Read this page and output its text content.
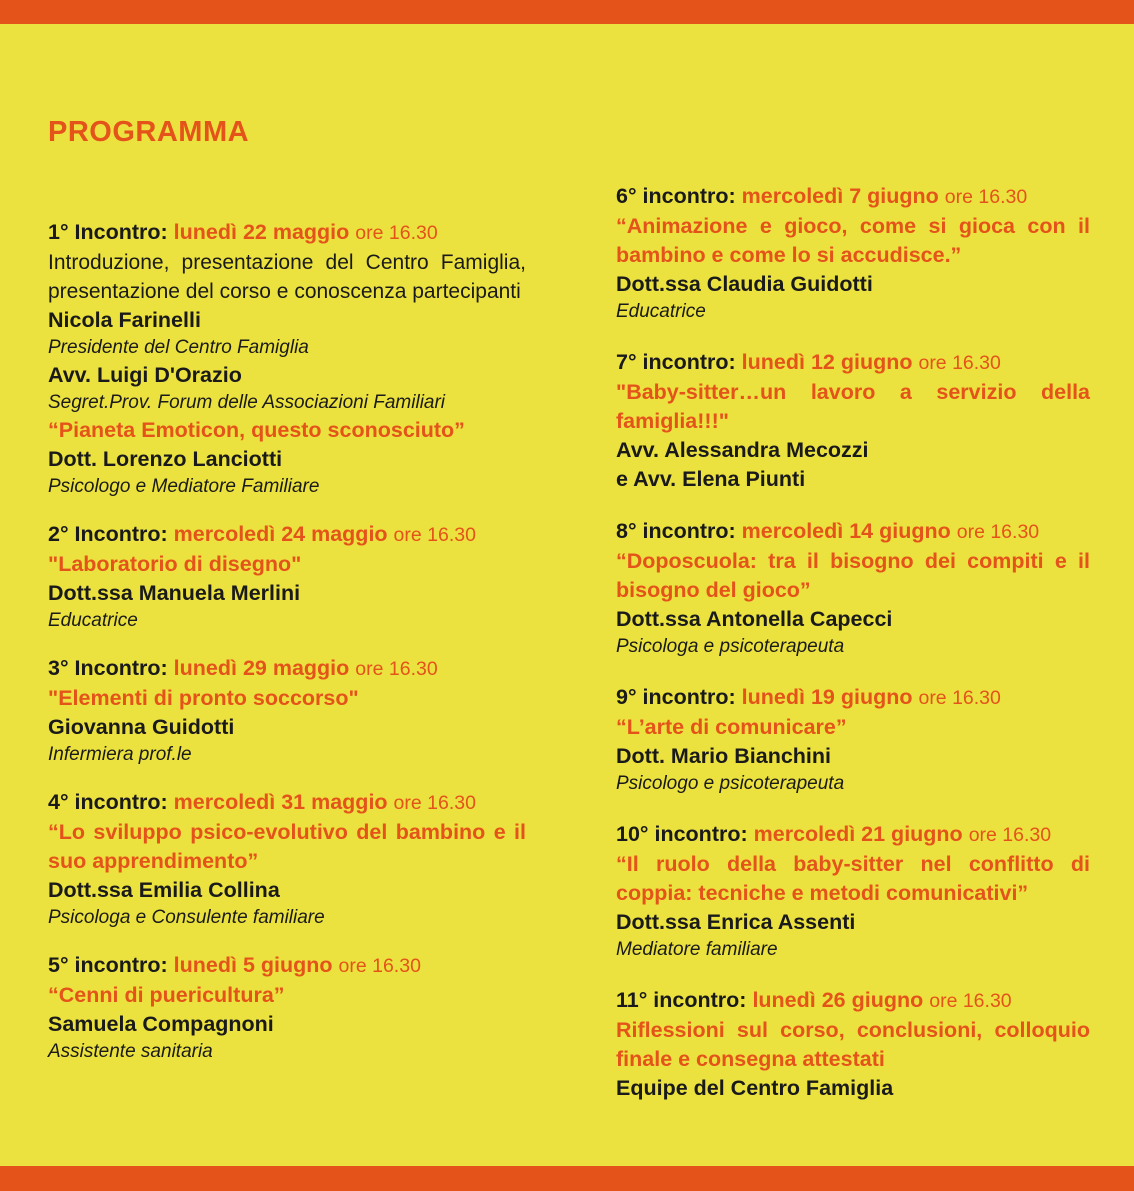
PROGRAMMA
1° Incontro: lunedì 22 maggio ore 16.30
Introduzione, presentazione del Centro Famiglia, presentazione del corso e conoscenza partecipanti
Nicola Farinelli
Presidente del Centro Famiglia
Avv. Luigi D'Orazio
Segret.Prov. Forum delle Associazioni Familiari
“Pianeta Emoticon, questo sconosciuto”
Dott. Lorenzo Lanciotti
Psicologo e Mediatore Familiare
2° Incontro: mercoledì 24 maggio ore 16.30
"Laboratorio di disegno"
Dott.ssa Manuela Merlini
Educatrice
3° Incontro: lunedì 29 maggio ore 16.30
"Elementi di pronto soccorso"
Giovanna Guidotti
Infermiera prof.le
4° incontro: mercoledì 31 maggio ore 16.30
“Lo sviluppo psico-evolutivo del bambino e il suo apprendimento”
Dott.ssa Emilia Collina
Psicologa e Consulente familiare
5° incontro: lunedì 5 giugno ore 16.30
“Cenni di puericultura”
Samuela Compagnoni
Assistente sanitaria
6° incontro: mercoledì 7 giugno ore 16.30
“Animazione e gioco, come si gioca con il bambino e come lo si accudisce.”
Dott.ssa Claudia Guidotti
Educatrice
7° incontro: lunedì 12 giugno ore 16.30
"Baby-sitter…un lavoro a servizio della famiglia!!!"
Avv. Alessandra Mecozzi
e Avv. Elena Piunti
8° incontro: mercoledì 14 giugno ore 16.30
“Doposcuola: tra il bisogno dei compiti e il bisogno del gioco”
Dott.ssa Antonella Capecci
Psicologa e psicoterapeuta
9° incontro: lunedì 19 giugno ore 16.30
“L’arte di comunicare”
Dott. Mario Bianchini
Psicologo e psicoterapeuta
10° incontro: mercoledì 21 giugno ore 16.30
“Il ruolo della baby-sitter nel conflitto di coppia: tecniche e metodi comunicativi”
Dott.ssa Enrica Assenti
Mediatore familiare
11° incontro: lunedì 26 giugno ore 16.30
Riflessioni sul corso, conclusioni, colloquio finale e consegna attestati
Equipe del Centro Famiglia
